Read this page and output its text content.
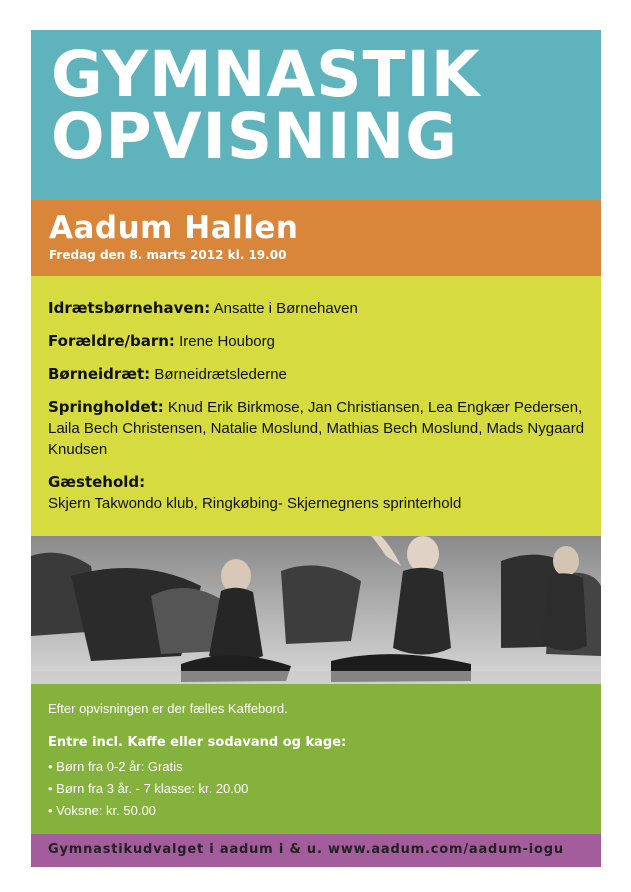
GYMNASTIK
OPVISNING
Aadum Hallen
Fredag den 8. marts 2012 kl. 19.00
Idrætsbørnehaven: Ansatte i Børnehaven
Forældre/barn: Irene Houborg
Børneidræt: Børneidrætslederne
Springholdet: Knud Erik Birkmose, Jan Christiansen, Lea Engkær Pedersen, Laila Bech Christensen, Natalie Moslund, Mathias Bech Moslund, Mads Nygaard Knudsen
Gæstehold:
Skjern Takwondo klub, Ringkøbing- Skjernegnens sprinterhold
Efter opvisningen er der fælles Kaffebord.
Entre incl. Kaffe eller sodavand og kage:
• Børn fra 0-2 år: Gratis
• Børn fra 3 år. - 7 klasse: kr. 20.00
• Voksne: kr. 50.00
Gymnastikudvalget i aadum i & u. www.aadum.com/aadum-iogu
